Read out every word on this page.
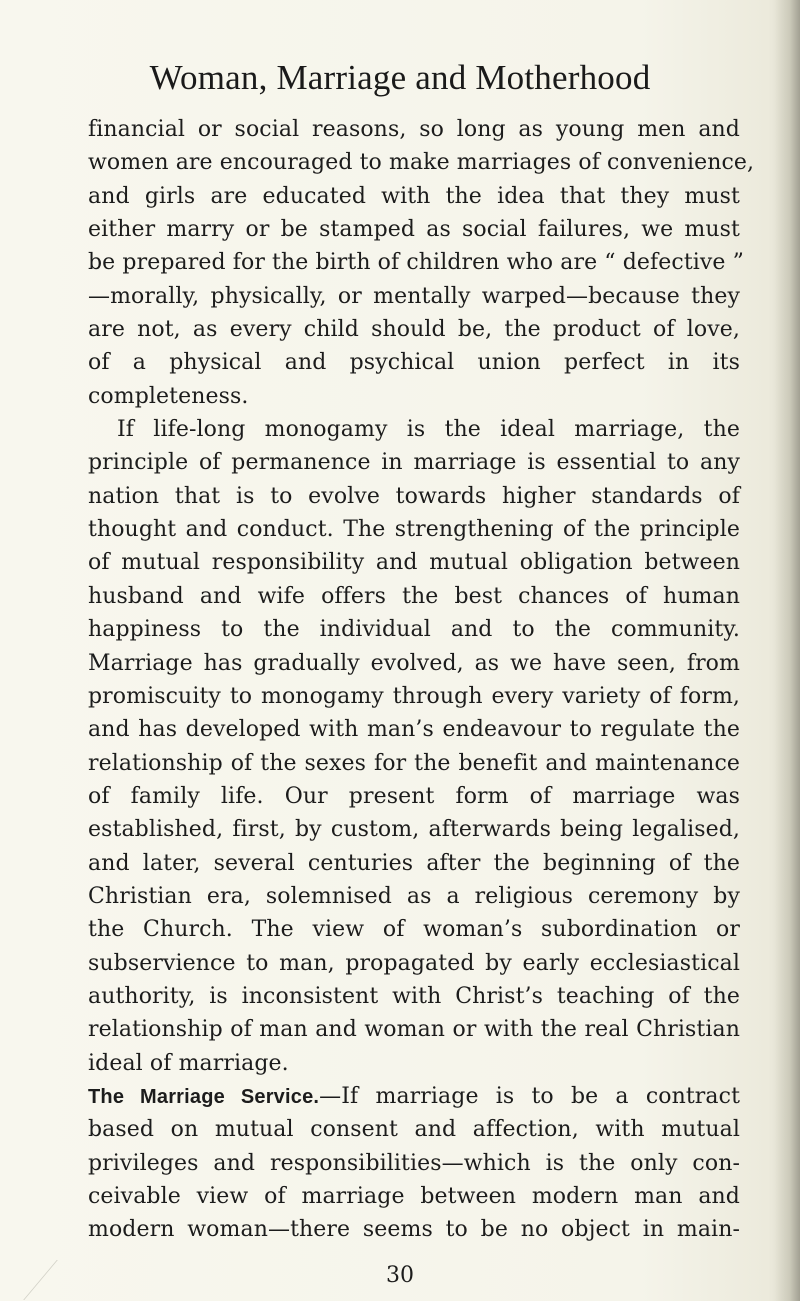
Woman, Marriage and Motherhood
financial or social reasons, so long as young men and
women are encouraged to make marriages of convenience,
and girls are educated with the idea that they must
either marry or be stamped as social failures, we must
be prepared for the birth of children who are “ defective ”
—morally, physically, or mentally warped—because they
are not, as every child should be, the product of love,
of a physical and psychical union perfect in its
completeness.
If life-long monogamy is the ideal marriage, the
principle of permanence in marriage is essential to any
nation that is to evolve towards higher standards of
thought and conduct. The strengthening of the principle
of mutual responsibility and mutual obligation between
husband and wife offers the best chances of human
happiness to the individual and to the community.
Marriage has gradually evolved, as we have seen, from
promiscuity to monogamy through every variety of form,
and has developed with man’s endeavour to regulate the
relationship of the sexes for the benefit and maintenance
of family life. Our present form of marriage was
established, first, by custom, afterwards being legalised,
and later, several centuries after the beginning of the
Christian era, solemnised as a religious ceremony by
the Church. The view of woman’s subordination or
subservience to man, propagated by early ecclesiastical
authority, is inconsistent with Christ’s teaching of the
relationship of man and woman or with the real Christian
ideal of marriage.
The Marriage Service.—If marriage is to be a contract
based on mutual consent and affection, with mutual
privileges and responsibilities—which is the only con-
ceivable view of marriage between modern man and
modern woman—there seems to be no object in main-
30
